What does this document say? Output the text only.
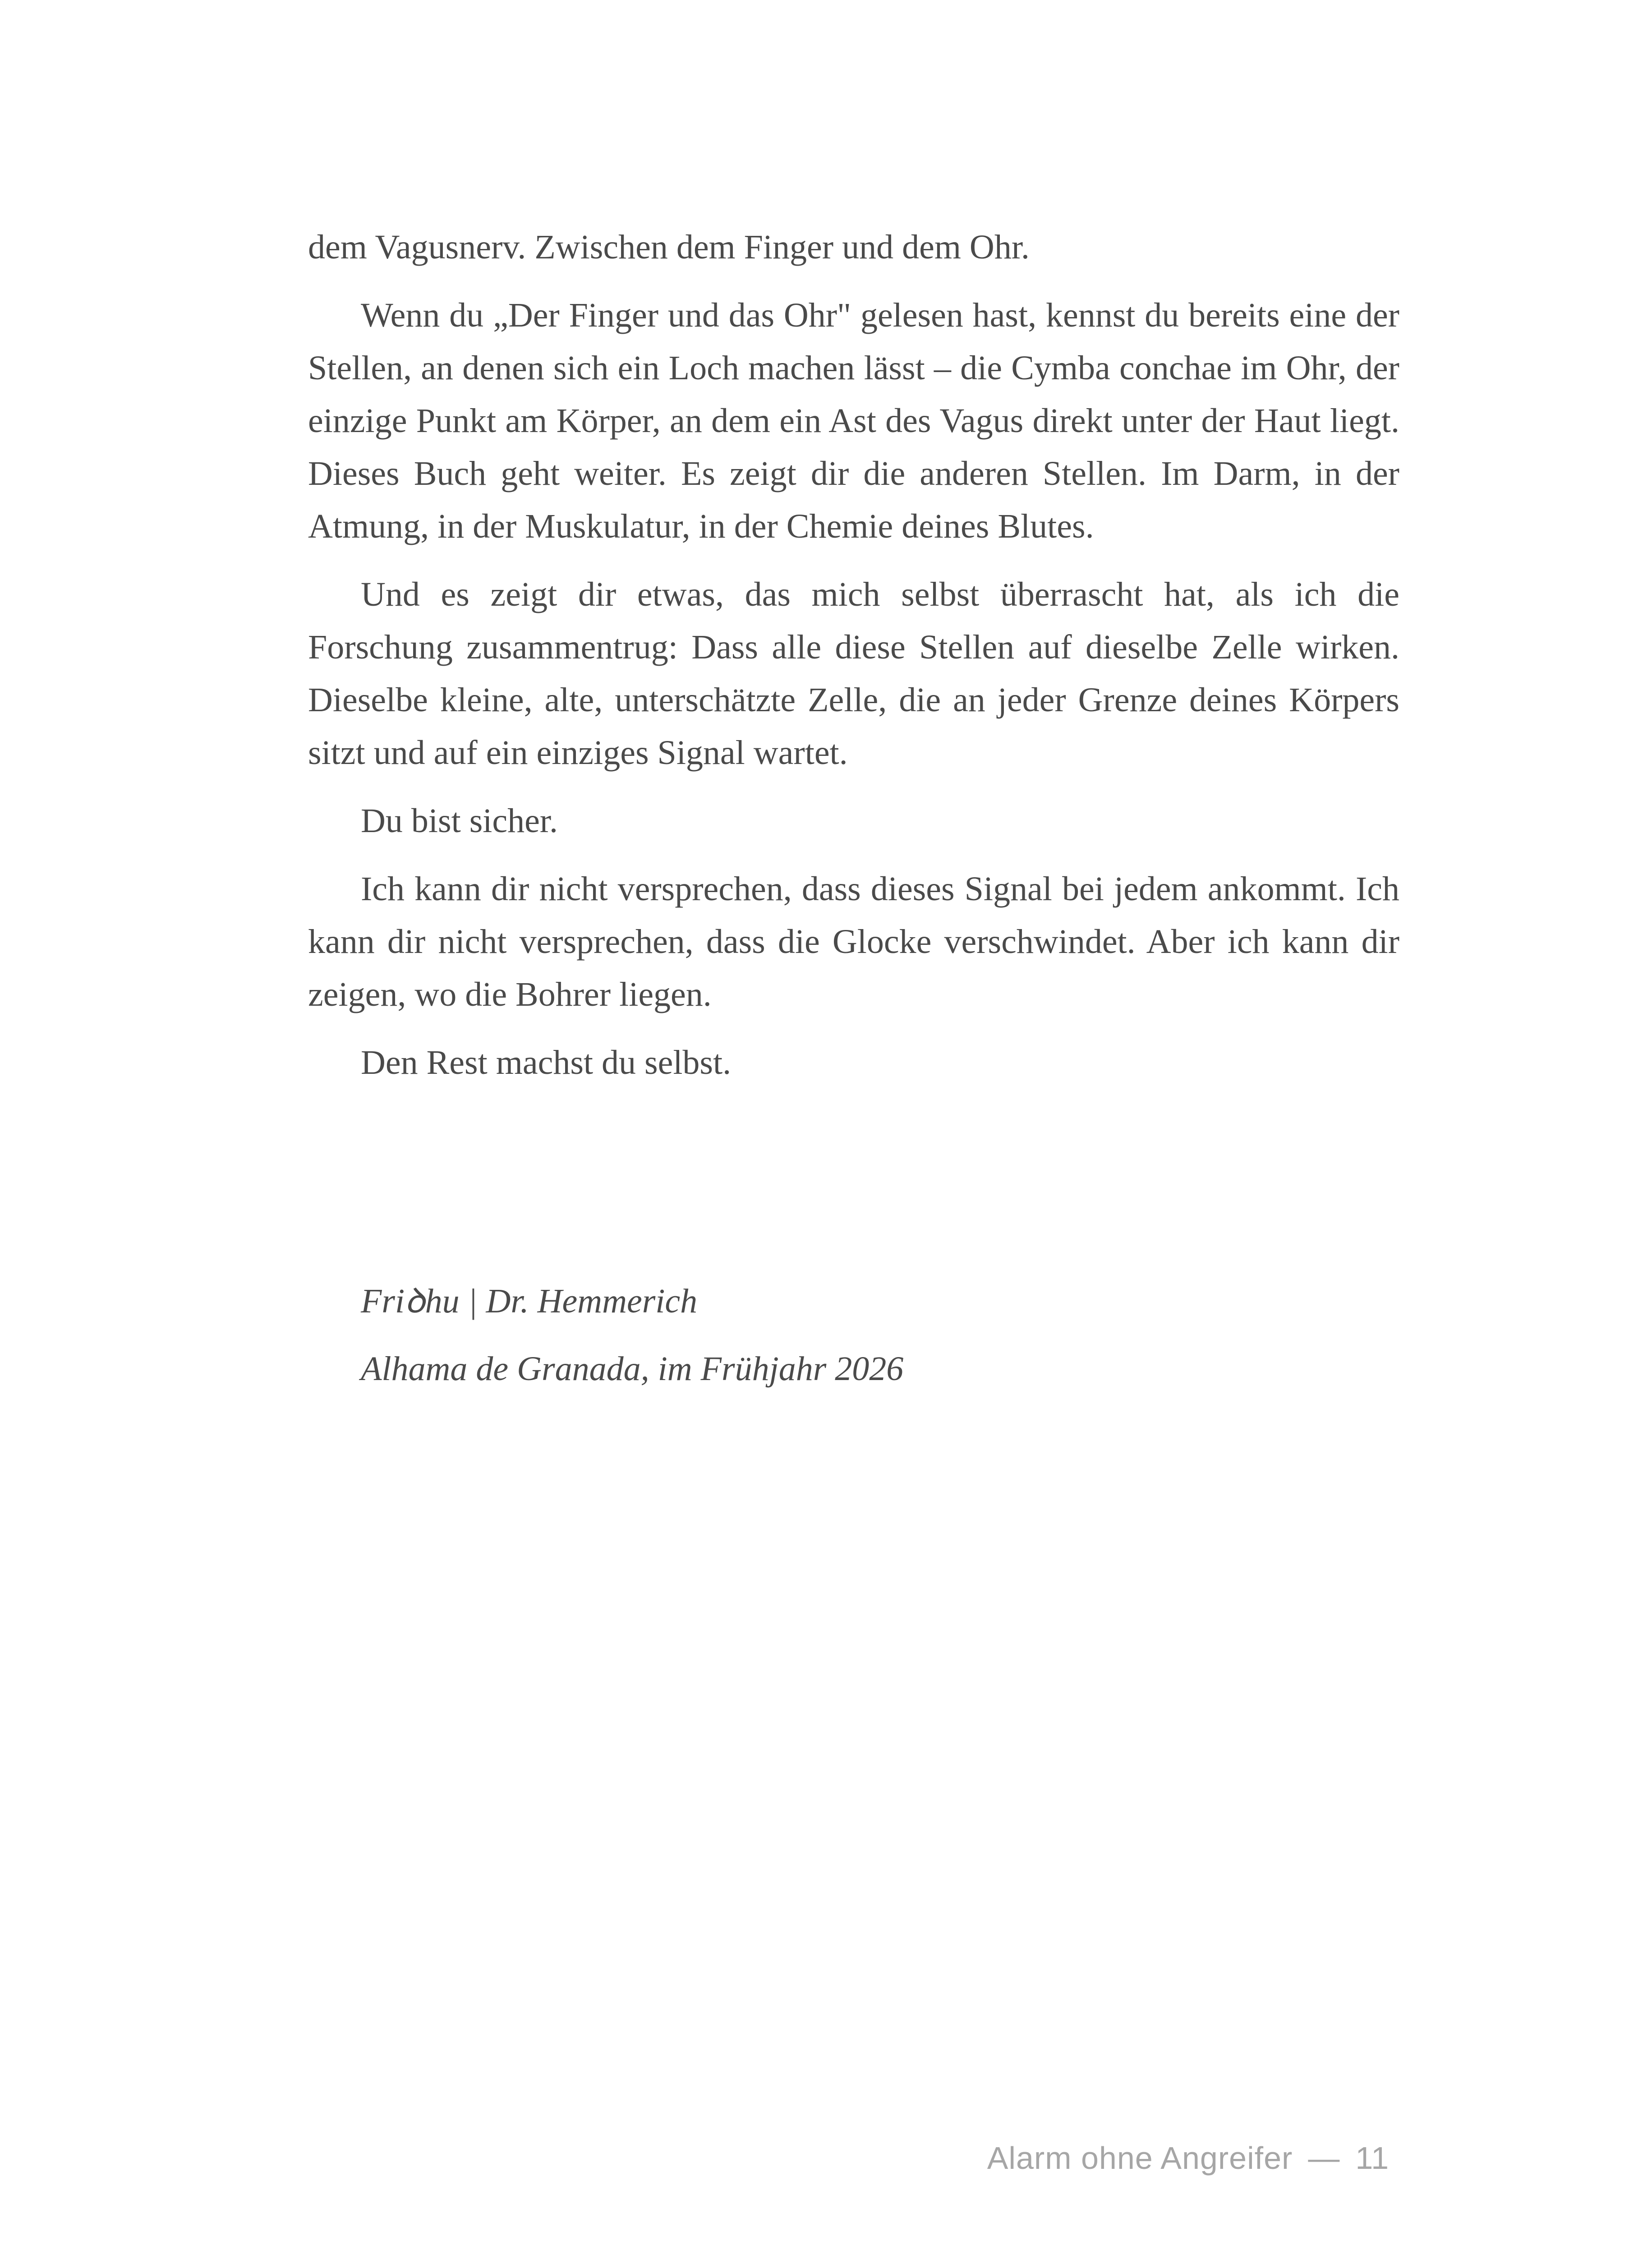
dem Vagusnerv. Zwischen dem Finger und dem Ohr.

Wenn du „Der Finger und das Ohr" gelesen hast, kennst du bereits eine der Stellen, an denen sich ein Loch machen lässt – die Cymba conchae im Ohr, der einzige Punkt am Körper, an dem ein Ast des Vagus direkt unter der Haut liegt. Dieses Buch geht weiter. Es zeigt dir die anderen Stellen. Im Darm, in der Atmung, in der Muskulatur, in der Chemie deines Blutes.

Und es zeigt dir etwas, das mich selbst überrascht hat, als ich die Forschung zusammentrug: Dass alle diese Stellen auf dieselbe Zelle wirken. Dieselbe kleine, alte, unterschätzte Zelle, die an jeder Grenze deines Körpers sitzt und auf ein einziges Signal wartet.

Du bist sicher.

Ich kann dir nicht versprechen, dass dieses Signal bei jedem ankommt. Ich kann dir nicht versprechen, dass die Glocke verschwindet. Aber ich kann dir zeigen, wo die Bohrer liegen.

Den Rest machst du selbst.

Friꝺhu | Dr. Hemmerich
Alhama de Granada, im Frühjahr 2026
Alarm ohne Angreifer — 11
